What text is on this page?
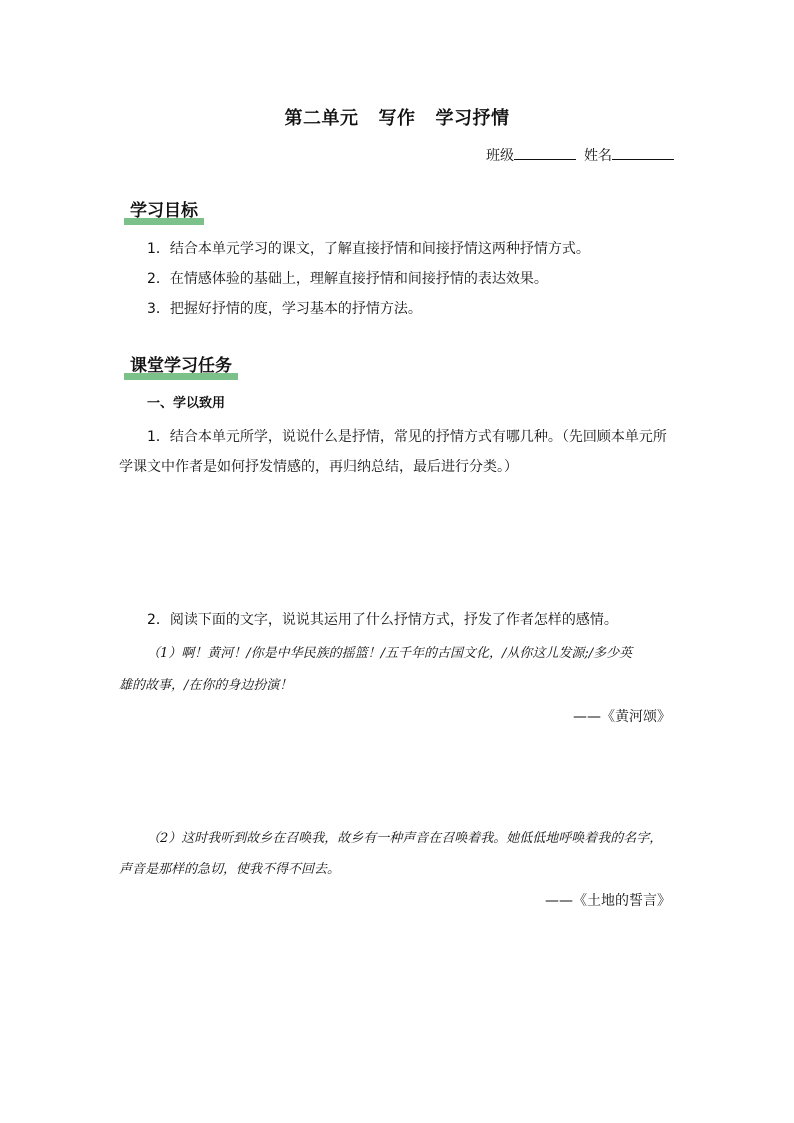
第二单元 写作 学习抒情
班级	姓名
学习目标
1．结合本单元学习的课文，了解直接抒情和间接抒情这两种抒情方式。
2．在情感体验的基础上，理解直接抒情和间接抒情的表达效果。
3．把握好抒情的度，学习基本的抒情方法。
课堂学习任务
一、学以致用
1．结合本单元所学，说说什么是抒情，常见的抒情方式有哪几种。（先回顾本单元所
学课文中作者是如何抒发情感的，再归纳总结，最后进行分类。）
2．阅读下面的文字，说说其运用了什么抒情方式，抒发了作者怎样的感情。
（1）啊！黄河！/你是中华民族的摇篮！/五千年的古国文化，/从你这儿发源;/多少英
雄的故事，/在你的身边扮演！
——《黄河颂》
（2）这时我听到故乡在召唤我，故乡有一种声音在召唤着我。她低低地呼唤着我的名字，
声音是那样的急切，使我不得不回去。
——《土地的誓言》
